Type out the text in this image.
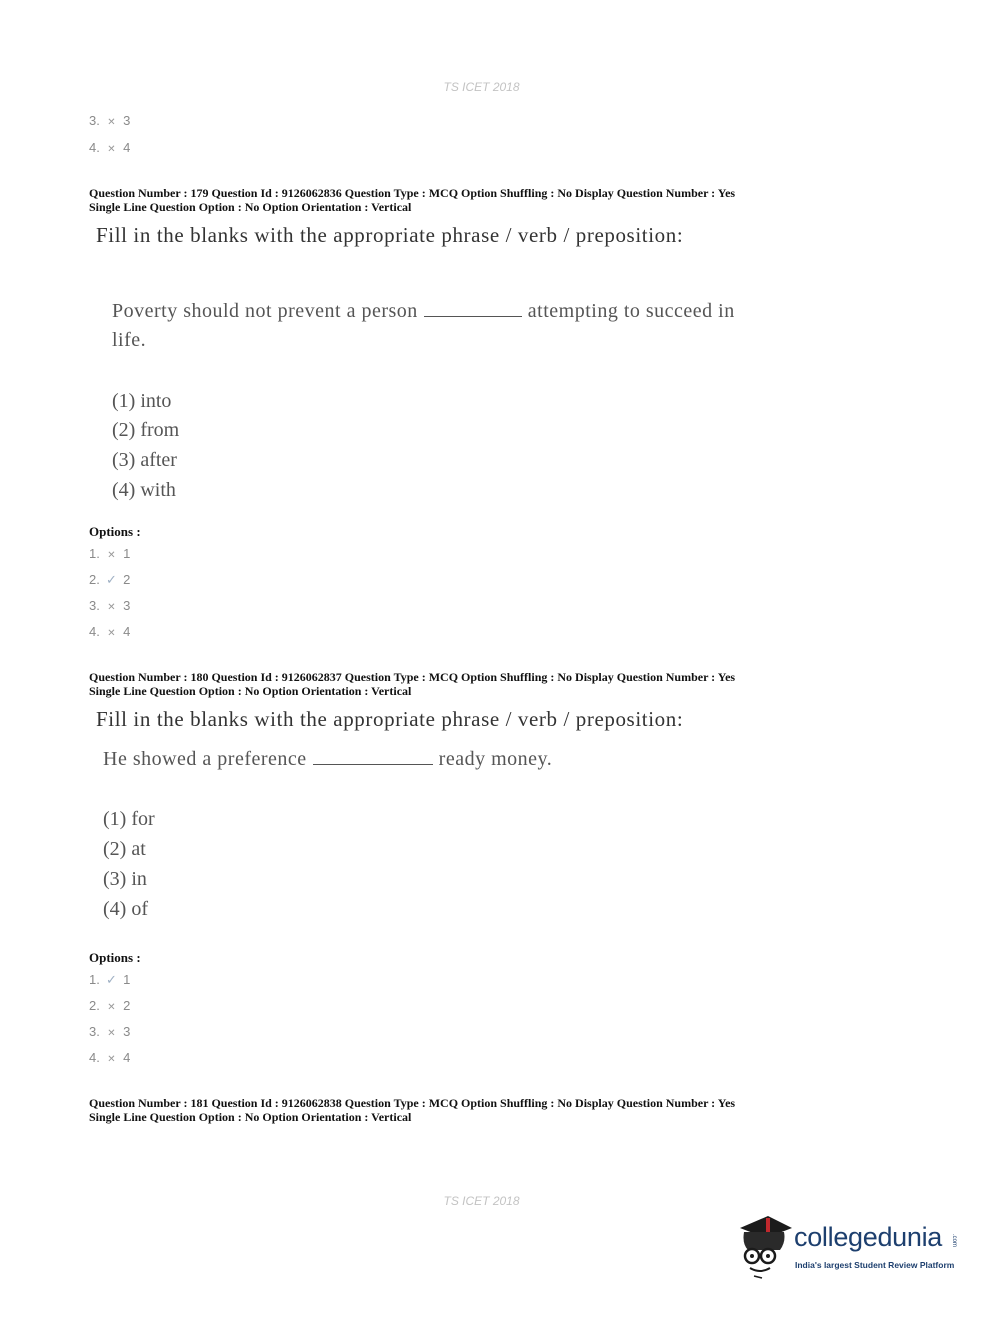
TS ICET 2018
3. ✕ 3
4. ✕ 4
Question Number : 179 Question Id : 9126062836 Question Type : MCQ Option Shuffling : No Display Question Number : Yes
Single Line Question Option : No Option Orientation : Vertical
Fill in the blanks with the appropriate phrase / verb / preposition:
Poverty should not prevent a person	attempting to succeed in
life.
(1) into
(2) from
(3) after
(4) with
Options :
1. ✕ 1
2. ✓ 2
3. ✕ 3
4. ✕ 4
Question Number : 180 Question Id : 9126062837 Question Type : MCQ Option Shuffling : No Display Question Number : Yes
Single Line Question Option : No Option Orientation : Vertical
Fill in the blanks with the appropriate phrase / verb / preposition:
He showed a preference	ready money.
(1) for
(2) at
(3) in
(4) of
Options :
1. ✓ 1
2. ✕ 2
3. ✕ 3
4. ✕ 4
Question Number : 181 Question Id : 9126062838 Question Type : MCQ Option Shuffling : No Display Question Number : Yes
Single Line Question Option : No Option Orientation : Vertical
TS ICET 2018
collegedunia .com
India's largest Student Review Platform
